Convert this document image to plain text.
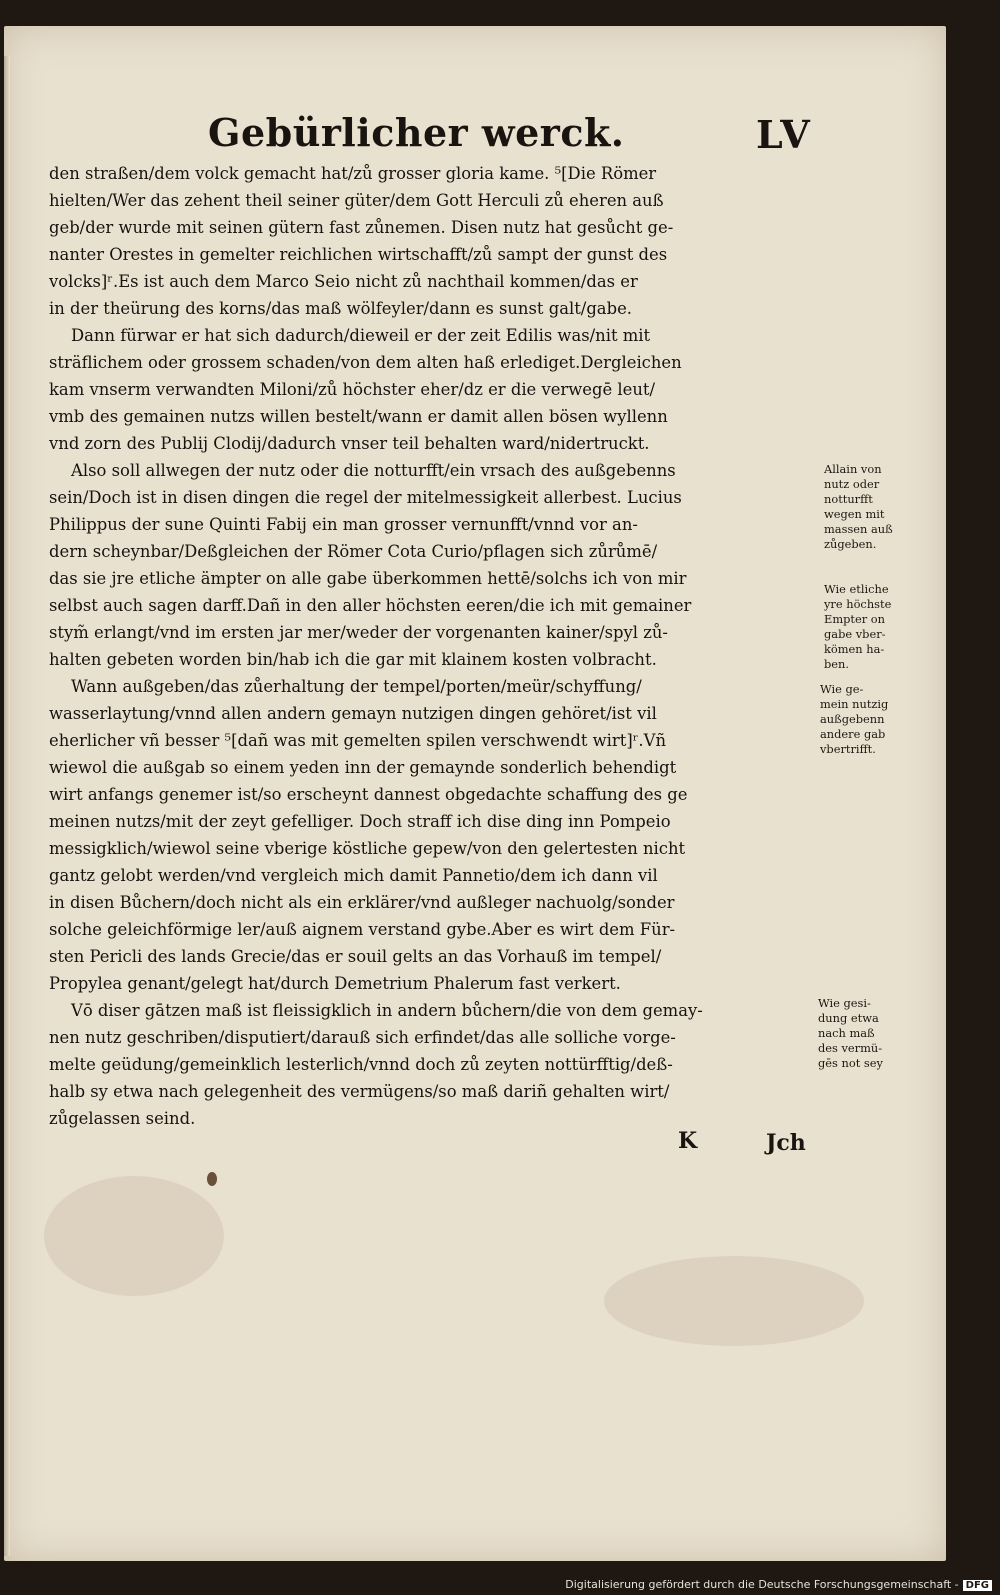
Gebürlicher werck.	LV
den straßen/dem volck gemacht hat/zů grosser gloria kame. ⁵[Die Römer
hielten/Wer das zehent theil seiner güter/dem Gott Herculi zů eheren auß
geb/der wurde mit seinen gütern fast zůnemen. Disen nutz hat gesůcht ge-
nanter Orestes in gemelter reichlichen wirtschafft/zů sampt der gunst des
volcks]ʳ.Es ist auch dem Marco Seio nicht zů nachthail kommen/das er
in der theürung des korns/das maß wölfeyler/dann es sunst galt/gabe.
Dann fürwar er hat sich dadurch/dieweil er der zeit Edilis was/nit mit
sträflichem oder grossem schaden/von dem alten haß erlediget.Dergleichen
kam vnserm verwandten Miloni/zů höchster eher/dz er die verwegē leut/
vmb des gemainen nutzs willen bestelt/wann er damit allen bösen wyllenn
vnd zorn des Publij Clodij/dadurch vnser teil behalten ward/nidertruckt.
Also soll allwegen der nutz oder die notturfft/ein vrsach des außgebenns
sein/Doch ist in disen dingen die regel der mitelmessigkeit allerbest. Lucius
Philippus der sune Quinti Fabij ein man grosser vernunfft/vnnd vor an-
dern scheynbar/Deßgleichen der Römer Cota Curio/pflagen sich zůrůmē/
das sie jre etliche ämpter on alle gabe überkommen hettē/solchs ich von mir
selbst auch sagen darff.Dañ in den aller höchsten eeren/die ich mit gemainer
stym̃ erlangt/vnd im ersten jar mer/weder der vorgenanten kainer/spyl zů-
halten gebeten worden bin/hab ich die gar mit klainem kosten volbracht.
Wann außgeben/das zůerhaltung der tempel/porten/meür/schyffung/
wasserlaytung/vnnd allen andern gemayn nutzigen dingen gehöret/ist vil
eherlicher vñ besser ⁵[dañ was mit gemelten spilen verschwendt wirt]ʳ.Vñ
wiewol die außgab so einem yeden inn der gemaynde sonderlich behendigt
wirt anfangs genemer ist/so erscheynt dannest obgedachte schaffung des ge
meinen nutzs/mit der zeyt gefelliger. Doch straff ich dise ding inn Pompeio
messigklich/wiewol seine vberige köstliche gepew/von den gelertesten nicht
gantz gelobt werden/vnd vergleich mich damit Pannetio/dem ich dann vil
in disen Bůchern/doch nicht als ein erklärer/vnd außleger nachuolg/sonder
solche geleichförmige ler/auß aignem verstand gybe.Aber es wirt dem Für-
sten Pericli des lands Grecie/das er souil gelts an das Vorhauß im tempel/
Propylea genant/gelegt hat/durch Demetrium Phalerum fast verkert.
Vō diser gātzen maß ist fleissigklich in andern bůchern/die von dem gemay-
nen nutz geschriben/disputiert/darauß sich erfindet/das alle solliche vorge-
melte geüdung/gemeinklich lesterlich/vnnd doch zů zeyten nottürfftig/deß-
halb sy etwa nach gelegenheit des vermügens/so maß dariñ gehalten wirt/
zůgelassen seind.
Allain von
nutz oder
notturfft
wegen mit
massen auß
zůgeben.
Wie etliche
yre höchste
Empter on
gabe vber-
kömen ha-
ben.
Wie ge-
mein nutzig
außgebenn
andere gab
vbertrifft.
Wie gesi-
dung etwa
nach maß
des vermü-
gēs not sey
K	Jch
Digitalisierung gefördert durch die Deutsche Forschungsgemeinschaft - DFG
